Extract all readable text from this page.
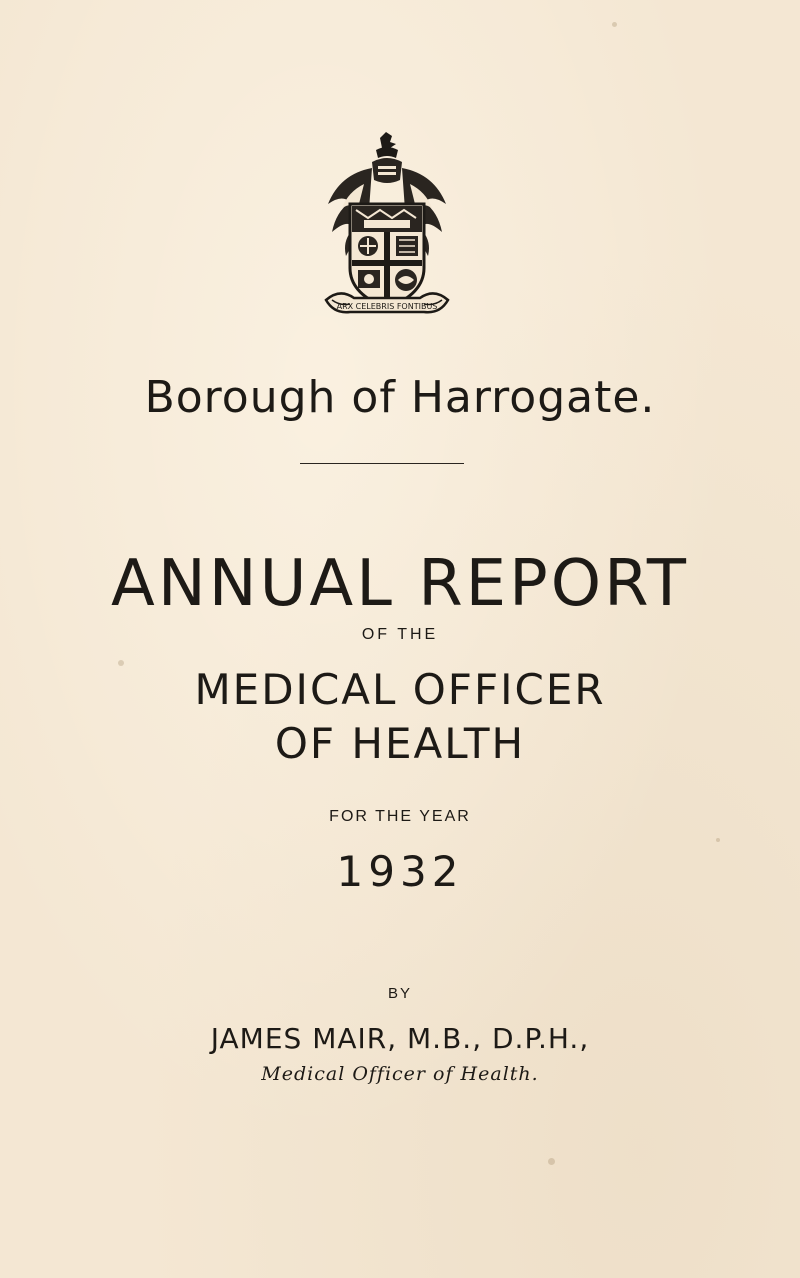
ARX CELEBRIS FONTIBUS
Borough of Harrogate.
ANNUAL REPORT
OF THE
MEDICAL OFFICER
OF HEALTH
FOR THE YEAR
1932
BY
JAMES MAIR, M.B., D.P.H.,
Medical Officer of Health.
